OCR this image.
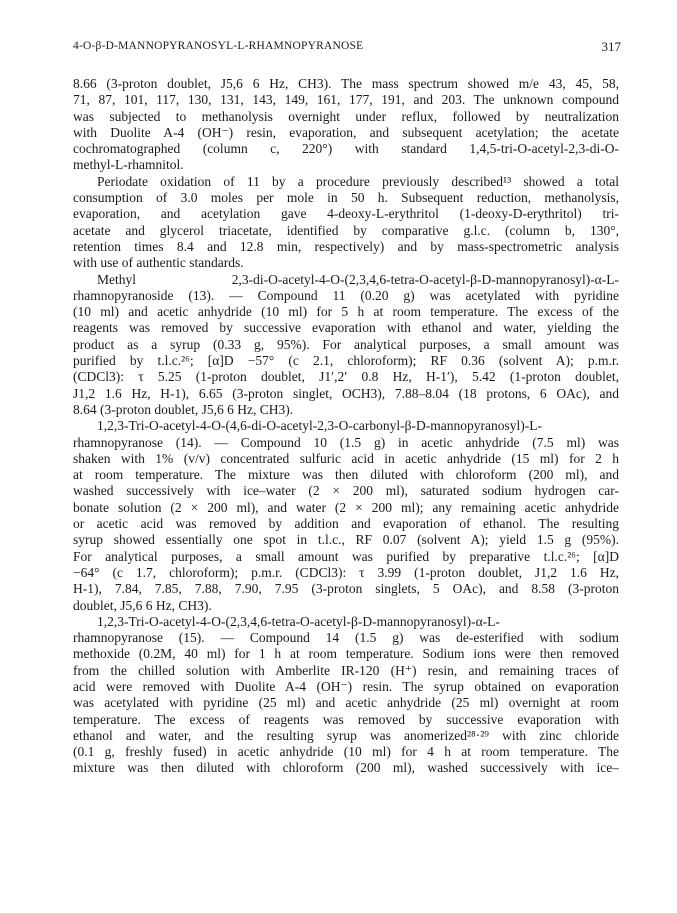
4-O-β-D-MANNOPYRANOSYL-L-RHAMNOPYRANOSE	317
8.66 (3-proton doublet, J5,6 6 Hz, CH3). The mass spectrum showed m/e 43, 45, 58,
71, 87, 101, 117, 130, 131, 143, 149, 161, 177, 191, and 203. The unknown compound
was subjected to methanolysis overnight under reflux, followed by neutralization
with Duolite A-4 (OH⁻) resin, evaporation, and subsequent acetylation; the acetate
cochromatographed (column c, 220°) with standard 1,4,5-tri-O-acetyl-2,3-di-O-
methyl-L-rhamnitol.
Periodate oxidation of 11 by a procedure previously described¹³ showed a total
consumption of 3.0 moles per mole in 50 h. Subsequent reduction, methanolysis,
evaporation, and acetylation gave 4-deoxy-L-erythritol (1-deoxy-D-erythritol) tri-
acetate and glycerol triacetate, identified by comparative g.l.c. (column b, 130°,
retention times 8.4 and 12.8 min, respectively) and by mass-spectrometric analysis
with use of authentic standards.
Methyl 2,3-di-O-acetyl-4-O-(2,3,4,6-tetra-O-acetyl-β-D-mannopyranosyl)-α-L-
rhamnopyranoside (13). — Compound 11 (0.20 g) was acetylated with pyridine
(10 ml) and acetic anhydride (10 ml) for 5 h at room temperature. The excess of the
reagents was removed by successive evaporation with ethanol and water, yielding the
product as a syrup (0.33 g, 95%). For analytical purposes, a small amount was
purified by t.l.c.²⁶; [α]D −57° (c 2.1, chloroform); RF 0.36 (solvent A); p.m.r.
(CDCl3): τ 5.25 (1-proton doublet, J1′,2′ 0.8 Hz, H-1′), 5.42 (1-proton doublet,
J1,2 1.6 Hz, H-1), 6.65 (3-proton singlet, OCH3), 7.88–8.04 (18 protons, 6 OAc), and
8.64 (3-proton doublet, J5,6 6 Hz, CH3).
1,2,3-Tri-O-acetyl-4-O-(4,6-di-O-acetyl-2,3-O-carbonyl-β-D-mannopyranosyl)-L-
rhamnopyranose (14). — Compound 10 (1.5 g) in acetic anhydride (7.5 ml) was
shaken with 1% (v/v) concentrated sulfuric acid in acetic anhydride (15 ml) for 2 h
at room temperature. The mixture was then diluted with chloroform (200 ml), and
washed successively with ice–water (2 × 200 ml), saturated sodium hydrogen car-
bonate solution (2 × 200 ml), and water (2 × 200 ml); any remaining acetic anhydride
or acetic acid was removed by addition and evaporation of ethanol. The resulting
syrup showed essentially one spot in t.l.c., RF 0.07 (solvent A); yield 1.5 g (95%).
For analytical purposes, a small amount was purified by preparative t.l.c.²⁶; [α]D
−64° (c 1.7, chloroform); p.m.r. (CDCl3): τ 3.99 (1-proton doublet, J1,2 1.6 Hz,
H-1), 7.84, 7.85, 7.88, 7.90, 7.95 (3-proton singlets, 5 OAc), and 8.58 (3-proton
doublet, J5,6 6 Hz, CH3).
1,2,3-Tri-O-acetyl-4-O-(2,3,4,6-tetra-O-acetyl-β-D-mannopyranosyl)-α-L-
rhamnopyranose (15). — Compound 14 (1.5 g) was de-esterified with sodium
methoxide (0.2M, 40 ml) for 1 h at room temperature. Sodium ions were then removed
from the chilled solution with Amberlite IR-120 (H⁺) resin, and remaining traces of
acid were removed with Duolite A-4 (OH⁻) resin. The syrup obtained on evaporation
was acetylated with pyridine (25 ml) and acetic anhydride (25 ml) overnight at room
temperature. The excess of reagents was removed by successive evaporation with
ethanol and water, and the resulting syrup was anomerized²⁸·²⁹ with zinc chloride
(0.1 g, freshly fused) in acetic anhydride (10 ml) for 4 h at room temperature. The
mixture was then diluted with chloroform (200 ml), washed successively with ice–
